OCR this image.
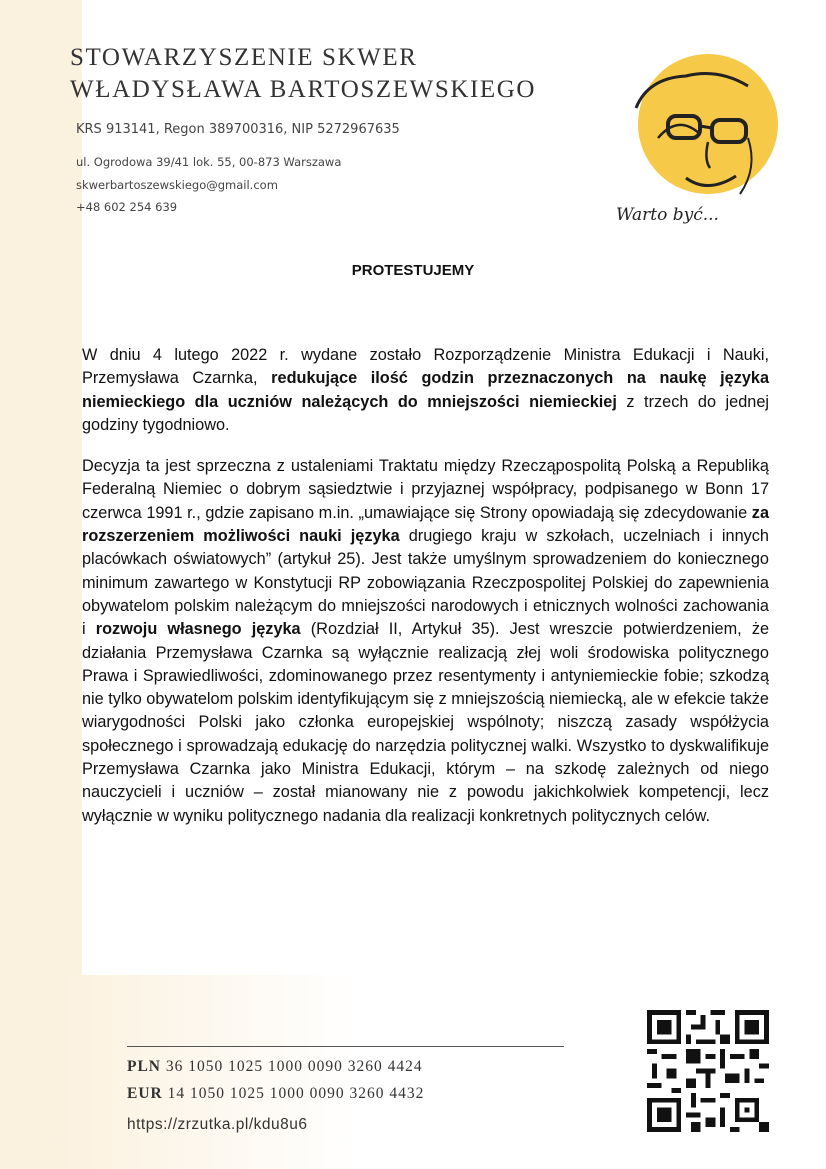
STOWARZYSZENIE SKWER
WŁADYSŁAWA BARTOSZEWSKIEGO

KRS 913141, Regon 389700316, NIP 5272967635

ul. Ogrodowa 39/41 lok. 55, 00-873 Warszawa

skwerbartoszewskiego@gmail.com

+48 602 254 639	Warto być...
PROTESTUJEMY

W dniu 4 lutego 2022 r. wydane zostało Rozporządzenie Ministra Edukacji i Nauki, Przemysława Czarnka, redukujące ilość godzin przeznaczonych na naukę języka niemieckiego dla uczniów należących do mniejszości niemieckiej z trzech do jednej godziny tygodniowo.

Decyzja ta jest sprzeczna z ustaleniami Traktatu między Rzecząpospolitą Polską a Republiką Federalną Niemiec o dobrym sąsiedztwie i przyjaznej współpracy, podpisanego w Bonn 17 czerwca 1991 r., gdzie zapisano m.in. „umawiające się Strony opowiadają się zdecydowanie za rozszerzeniem możliwości nauki języka drugiego kraju w szkołach, uczelniach i innych placówkach oświatowych” (artykuł 25). Jest także umyślnym sprowadzeniem do koniecznego minimum zawartego w Konstytucji RP zobowiązania Rzeczpospolitej Polskiej do zapewnienia obywatelom polskim należącym do mniejszości narodowych i etnicznych wolności zachowania i rozwoju własnego języka (Rozdział II, Artykuł 35). Jest wreszcie potwierdzeniem, że działania Przemysława Czarnka są wyłącznie realizacją złej woli środowiska politycznego Prawa i Sprawiedliwości, zdominowanego przez resentymenty i antyniemieckie fobie; szkodzą nie tylko obywatelom polskim identyfikującym się z mniejszością niemiecką, ale w efekcie także wiarygodności Polski jako członka europejskiej wspólnoty; niszczą zasady współżycia społecznego i sprowadzają edukację do narzędzia politycznej walki. Wszystko to dyskwalifikuje Przemysława Czarnka jako Ministra Edukacji, którym – na szkodę zależnych od niego nauczycieli i uczniów – został mianowany nie z powodu jakichkolwiek kompetencji, lecz wyłącznie w wyniku politycznego nadania dla realizacji konkretnych politycznych celów.

PLN 36 1050 1025 1000 0090 3260 4424

EUR 14 1050 1025 1000 0090 3260 4432

https://zrzutka.pl/kdu8u6
